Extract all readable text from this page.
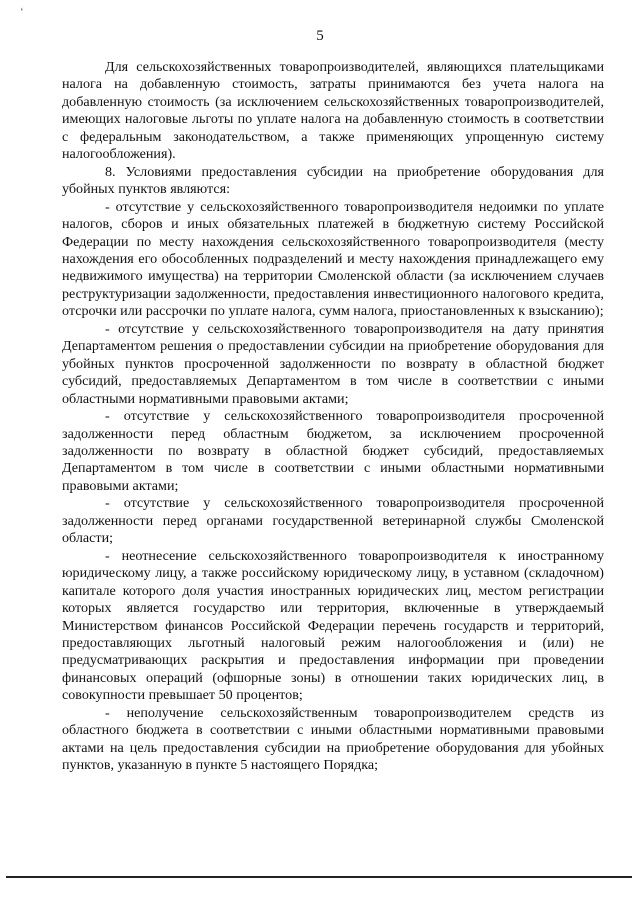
ʻ
5

Для сельскохозяйственных товаропроизводителей, являющихся плательщиками налога на добавленную стоимость, затраты принимаются без учета налога на добавленную стоимость (за исключением сельскохозяйственных товаропроизводителей, имеющих налоговые льготы по уплате налога на добавленную стоимость в соответствии с федеральным законодательством, а также применяющих упрощенную систему налогообложения).

8. Условиями предоставления субсидии на приобретение оборудования для убойных пунктов являются:

- отсутствие у сельскохозяйственного товаропроизводителя недоимки по уплате налогов, сборов и иных обязательных платежей в бюджетную систему Российской Федерации по месту нахождения сельскохозяйственного товаропроизводителя (месту нахождения его обособленных подразделений и месту нахождения принадлежащего ему недвижимого имущества) на территории Смоленской области (за исключением случаев реструктуризации задолженности, предоставления инвестиционного налогового кредита, отсрочки или рассрочки по уплате налога, сумм налога, приостановленных к взысканию);

- отсутствие у сельскохозяйственного товаропроизводителя на дату принятия Департаментом решения о предоставлении субсидии на приобретение оборудования для убойных пунктов просроченной задолженности по возврату в областной бюджет субсидий, предоставляемых Департаментом в том числе в соответствии с иными областными нормативными правовыми актами;

- отсутствие у сельскохозяйственного товаропроизводителя просроченной задолженности перед областным бюджетом, за исключением просроченной задолженности по возврату в областной бюджет субсидий, предоставляемых Департаментом в том числе в соответствии с иными областными нормативными правовыми актами;

- отсутствие у сельскохозяйственного товаропроизводителя просроченной задолженности перед органами государственной ветеринарной службы Смоленской области;

- неотнесение сельскохозяйственного товаропроизводителя к иностранному юридическому лицу, а также российскому юридическому лицу, в уставном (складочном) капитале которого доля участия иностранных юридических лиц, местом регистрации которых является государство или территория, включенные в утверждаемый Министерством финансов Российской Федерации перечень государств и территорий, предоставляющих льготный налоговый режим налогообложения и (или) не предусматривающих раскрытия и предоставления информации при проведении финансовых операций (офшорные зоны) в отношении таких юридических лиц, в совокупности превышает 50 процентов;

- неполучение сельскохозяйственным товаропроизводителем средств из областного бюджета в соответствии с иными областными нормативными правовыми актами на цель предоставления субсидии на приобретение оборудования для убойных пунктов, указанную в пункте 5 настоящего Порядка;
